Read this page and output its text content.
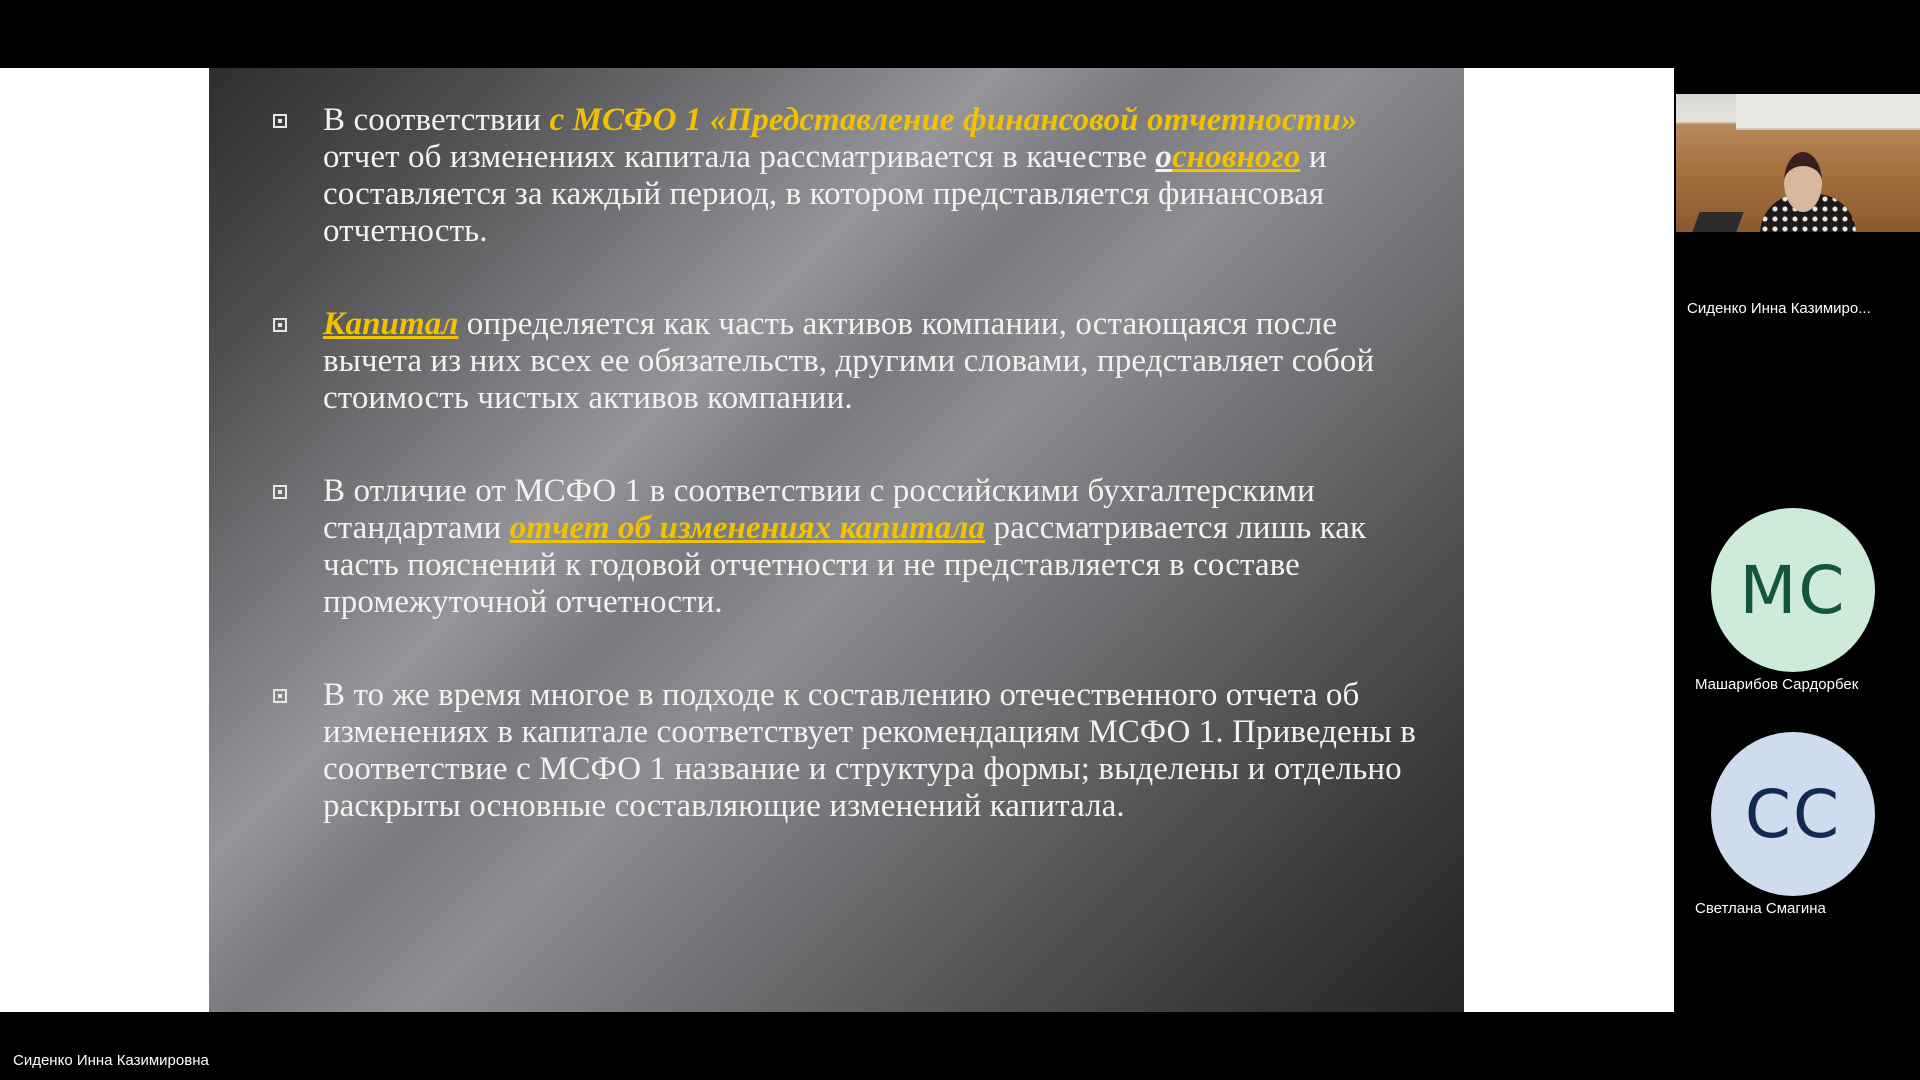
В соответствии с МСФО 1 «Представление финансовой отчетности» отчет об изменениях капитала рассматривается в качестве основного и составляется за каждый период, в котором представляется финансовая отчетность.
Капитал определяется как часть активов компании, остающаяся после вычета из них всех ее обязательств, другими словами, представляет собой стоимость чистых активов компании.
В отличие от МСФО 1 в соответствии с российскими бухгалтерскими стандартами отчет об изменениях капитала рассматривается лишь как часть пояснений к годовой отчетности и не представляется в составе промежуточной отчетности.
В то же время многое в подходе к составлению отечественного отчета об изменениях в капитале соответствует рекомендациям МСФО 1. Приведены в соответствие с МСФО 1 название и структура формы; выделены и отдельно раскрыты основные составляющие изменений капитала.
Сиденко Инна Казимиро...
МС
Машарибов Сардорбек
СС
Светлана Смагина
Сиденко Инна Казимировна
